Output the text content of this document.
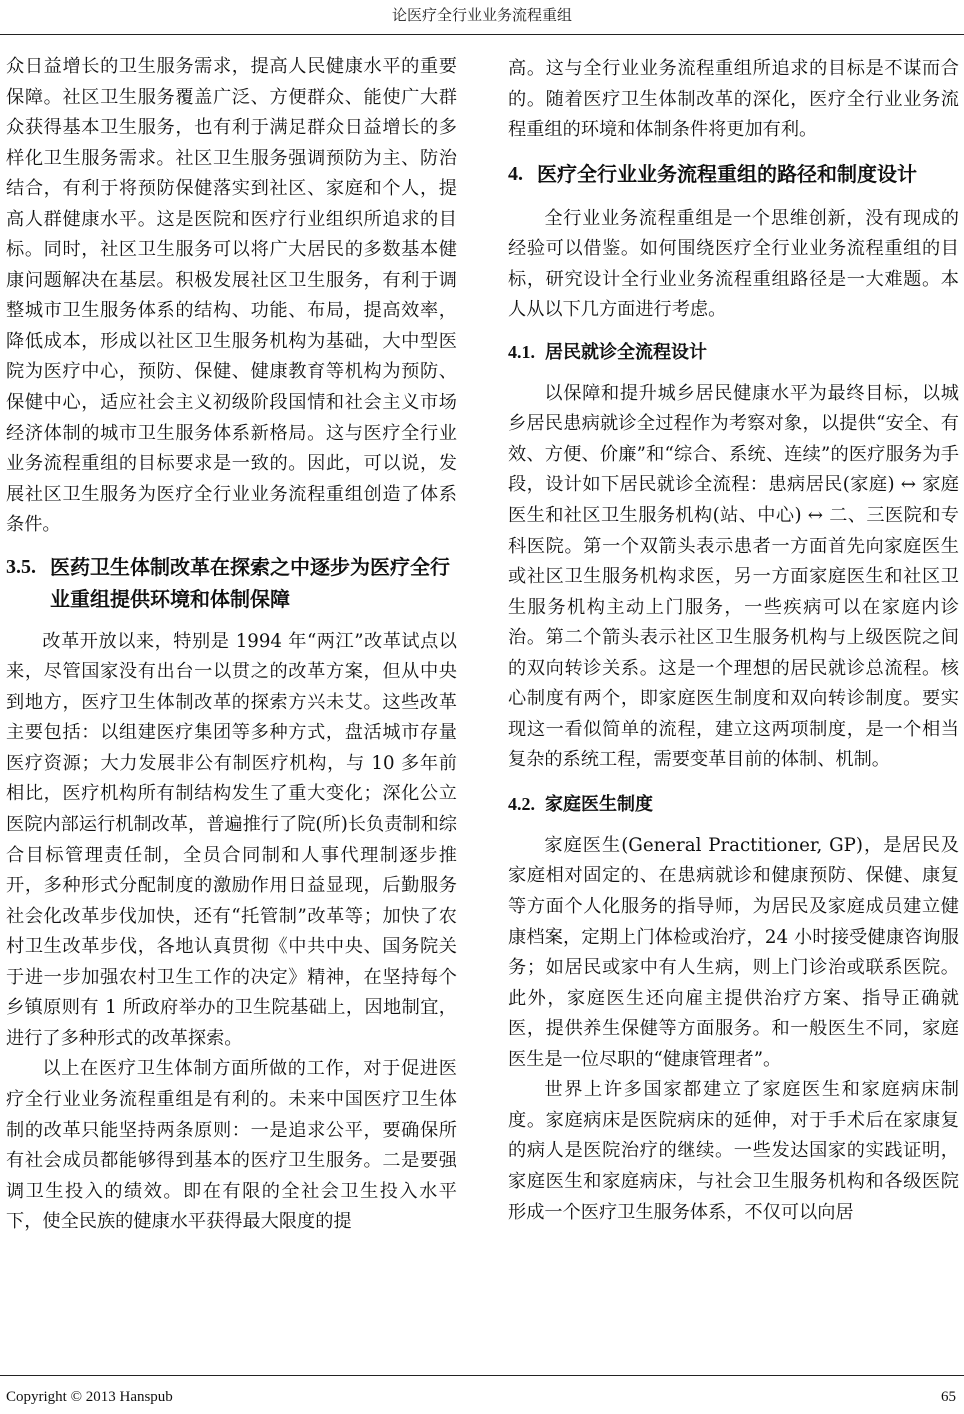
论医疗全行业业务流程重组

众日益增长的卫生服务需求，提高人民健康水平的重要保障。社区卫生服务覆盖广泛、方便群众、能使广大群众获得基本卫生服务，也有利于满足群众日益增长的多样化卫生服务需求。社区卫生服务强调预防为主、防治结合，有利于将预防保健落实到社区、家庭和个人，提高人群健康水平。这是医院和医疗行业组织所追求的目标。同时，社区卫生服务可以将广大居民的多数基本健康问题解决在基层。积极发展社区卫生服务，有利于调整城市卫生服务体系的结构、功能、布局，提高效率，降低成本，形成以社区卫生服务机构为基础，大中型医院为医疗中心，预防、保健、健康教育等机构为预防、保健中心，适应社会主义初级阶段国情和社会主义市场经济体制的城市卫生服务体系新格局。这与医疗全行业业务流程重组的目标要求是一致的。因此，可以说，发展社区卫生服务为医疗全行业业务流程重组创造了体系条件。

3.5. 医药卫生体制改革在探索之中逐步为医疗全行业重组提供环境和体制保障

改革开放以来，特别是 1994 年“两江”改革试点以来，尽管国家没有出台一以贯之的改革方案，但从中央到地方，医疗卫生体制改革的探索方兴未艾。这些改革主要包括：以组建医疗集团等多种方式，盘活城市存量医疗资源；大力发展非公有制医疗机构，与 10 多年前相比，医疗机构所有制结构发生了重大变化；深化公立医院内部运行机制改革，普遍推行了院(所)长负责制和综合目标管理责任制，全员合同制和人事代理制逐步推开，多种形式分配制度的激励作用日益显现，后勤服务社会化改革步伐加快，还有“托管制”改革等；加快了农村卫生改革步伐，各地认真贯彻《中共中央、国务院关于进一步加强农村卫生工作的决定》精神，在坚持每个乡镇原则有 1 所政府举办的卫生院基础上，因地制宜，进行了多种形式的改革探索。

以上在医疗卫生体制方面所做的工作，对于促进医疗全行业业务流程重组是有利的。未来中国医疗卫生体制的改革只能坚持两条原则：一是追求公平，要确保所有社会成员都能够得到基本的医疗卫生服务。二是要强调卫生投入的绩效。即在有限的全社会卫生投入水平下，使全民族的健康水平获得最大限度的提

高。这与全行业业务流程重组所追求的目标是不谋而合的。随着医疗卫生体制改革的深化，医疗全行业业务流程重组的环境和体制条件将更加有利。

4. 医疗全行业业务流程重组的路径和制度设计

全行业业务流程重组是一个思维创新，没有现成的经验可以借鉴。如何围绕医疗全行业业务流程重组的目标，研究设计全行业业务流程重组路径是一大难题。本人从以下几方面进行考虑。

4.1. 居民就诊全流程设计

以保障和提升城乡居民健康水平为最终目标，以城乡居民患病就诊全过程作为考察对象，以提供“安全、有效、方便、价廉”和“综合、系统、连续”的医疗服务为手段，设计如下居民就诊全流程：患病居民(家庭) ↔ 家庭医生和社区卫生服务机构(站、中心) ↔ 二、三医院和专科医院。第一个双箭头表示患者一方面首先向家庭医生或社区卫生服务机构求医，另一方面家庭医生和社区卫生服务机构主动上门服务，一些疾病可以在家庭内诊治。第二个箭头表示社区卫生服务机构与上级医院之间的双向转诊关系。这是一个理想的居民就诊总流程。核心制度有两个，即家庭医生制度和双向转诊制度。要实现这一看似简单的流程，建立这两项制度，是一个相当复杂的系统工程，需要变革目前的体制、机制。

4.2. 家庭医生制度

家庭医生(General Practitioner, GP)，是居民及家庭相对固定的、在患病就诊和健康预防、保健、康复等方面个人化服务的指导师，为居民及家庭成员建立健康档案，定期上门体检或治疗，24 小时接受健康咨询服务；如居民或家中有人生病，则上门诊治或联系医院。此外，家庭医生还向雇主提供治疗方案、指导正确就医，提供养生保健等方面服务。和一般医生不同，家庭医生是一位尽职的“健康管理者”。

世界上许多国家都建立了家庭医生和家庭病床制度。家庭病床是医院病床的延伸，对于手术后在家康复的病人是医院治疗的继续。一些发达国家的实践证明，家庭医生和家庭病床，与社会卫生服务机构和各级医院形成一个医疗卫生服务体系，不仅可以向居

Copyright © 2013 Hanspub	65
